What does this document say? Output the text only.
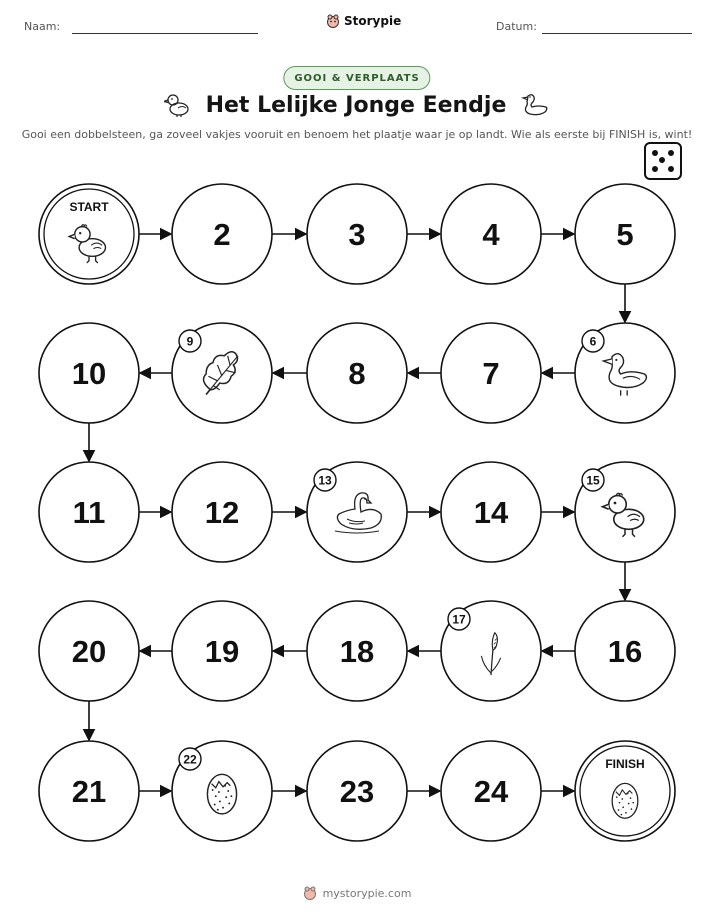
Naam:	Storypie	Datum:
GOOI & VERPLAATS
Het Lelijke Jonge Eendje
Gooi een dobbelsteen, ga zoveel vakjes vooruit en benoem het plaatje waar je op landt. Wie als eerste bij FINISH is, wint!
START
2	3	4	5
6
7
8
9
10
11	12
13
14
15
16
17
18
19
20
21
22
23	24
FINISH
mystorypie.com
